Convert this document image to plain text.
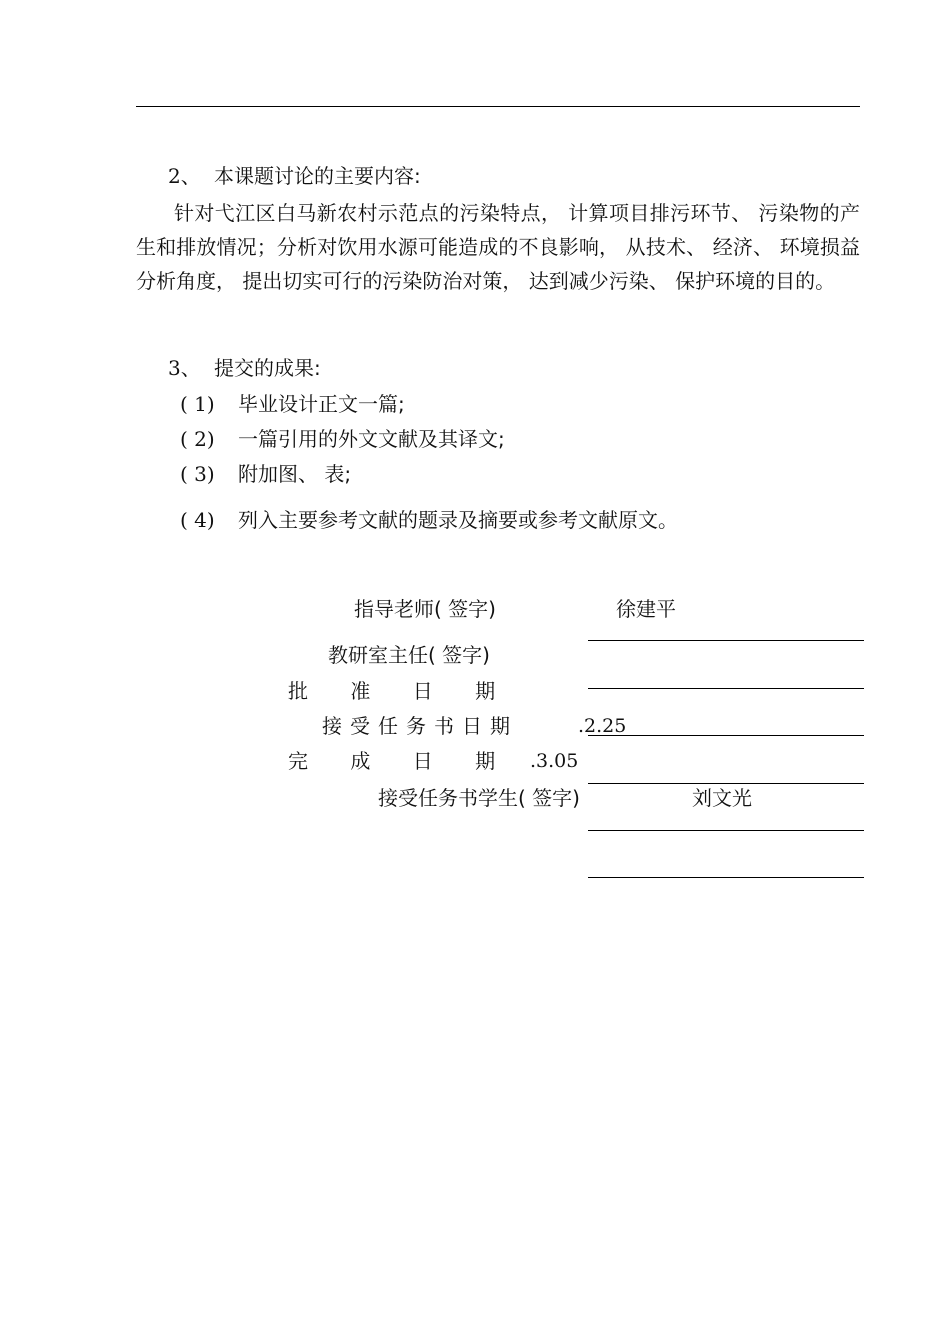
2、 本课题讨论的主要内容:
针对弋江区白马新农村示范点的污染特点， 计算项目排污环节、 污染物的产生和排放情况；分析对饮用水源可能造成的不良影响， 从技术、 经济、 环境损益分析角度， 提出切实可行的污染防治对策， 达到减少污染、 保护环境的目的。
3、 提交的成果:
( 1) 毕业设计正文一篇;
( 2) 一篇引用的外文文献及其译文;
( 3) 附加图、 表;
( 4) 列入主要参考文献的题录及摘要或参考文献原文。
指导老师( 签字)	徐建平
教研室主任( 签字)
批 准 日 期
接受任务书日期	.2.25
完 成 日 期 .3.05
接受任务书学生( 签字)	刘文光
